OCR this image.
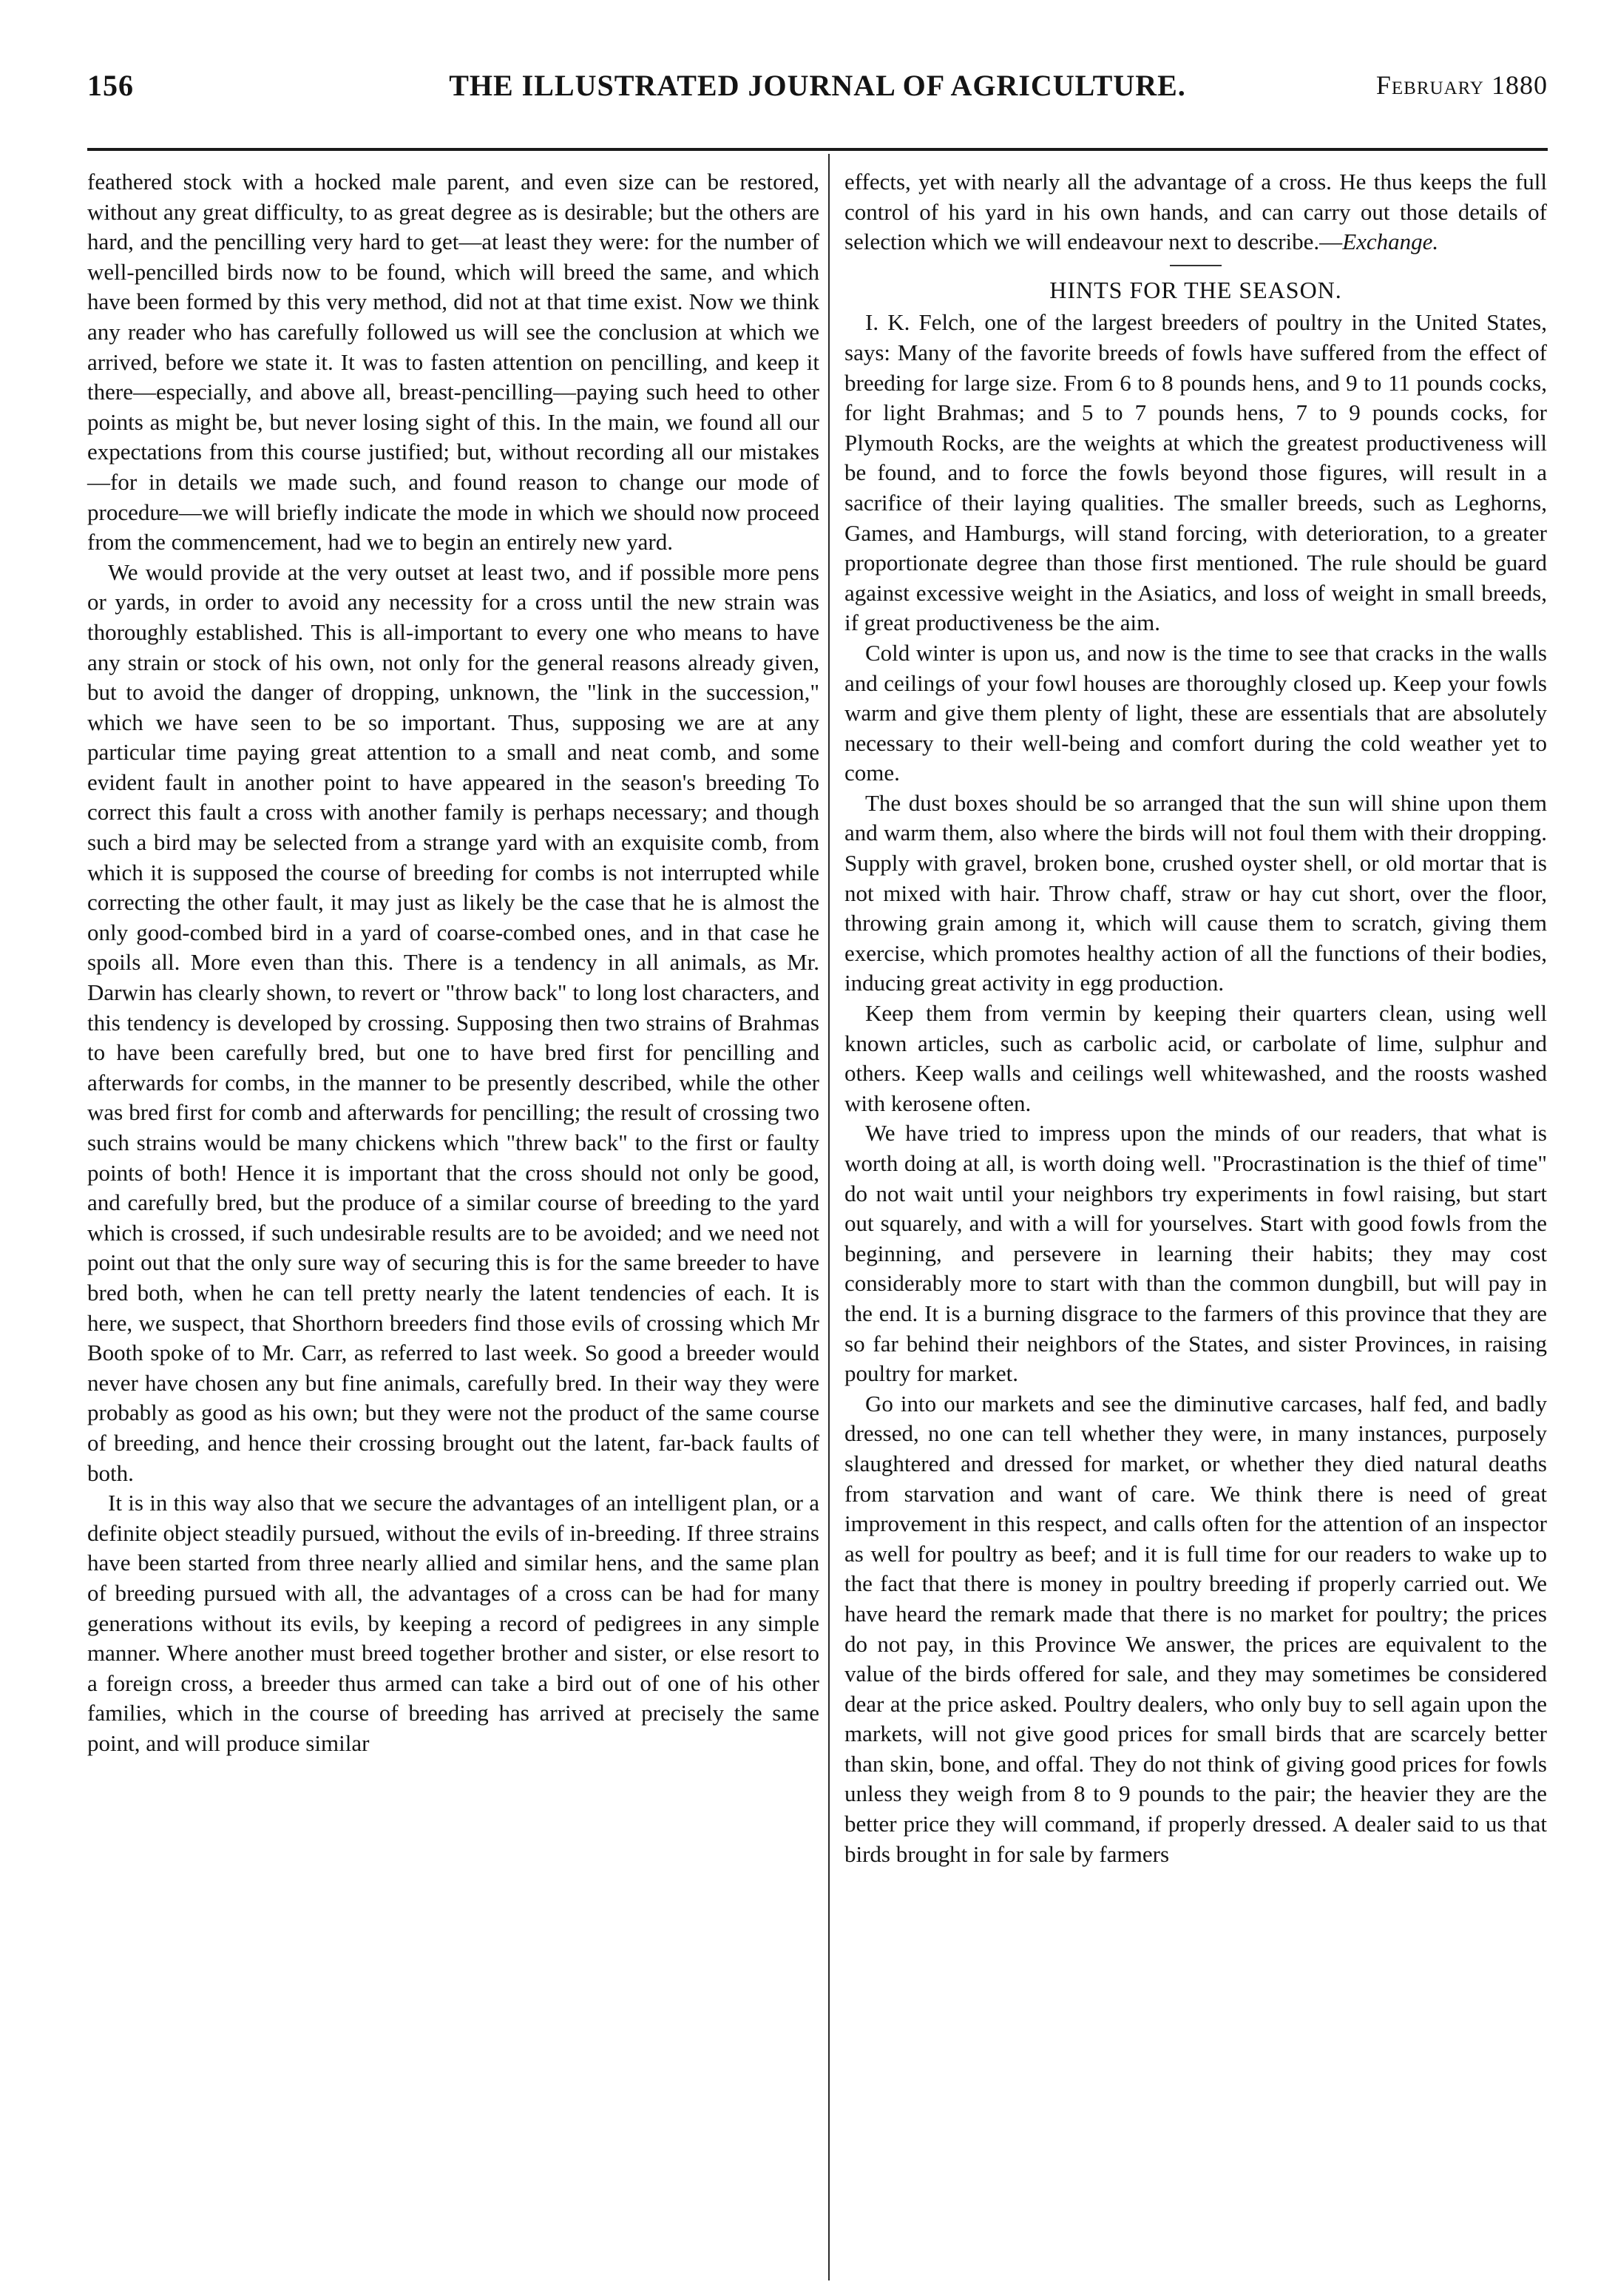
156	THE ILLUSTRATED JOURNAL OF AGRICULTURE.	February 1880

feathered stock with a hocked male parent, and even size can be restored, without any great difficulty, to as great degree as is desirable; but the others are hard, and the pencilling very hard to get—at least they were: for the number of well-pencilled birds now to be found, which will breed the same, and which have been formed by this very method, did not at that time exist. Now we think any reader who has carefully followed us will see the conclusion at which we arrived, before we state it. It was to fasten attention on pencilling, and keep it there—especially, and above all, breast-pencilling—paying such heed to other points as might be, but never losing sight of this. In the main, we found all our expectations from this course justified; but, without recording all our mistakes—for in details we made such, and found reason to change our mode of procedure—we will briefly indicate the mode in which we should now proceed from the commencement, had we to begin an entirely new yard.

We would provide at the very outset at least two, and if possible more pens or yards, in order to avoid any necessity for a cross until the new strain was thoroughly established. This is all-important to every one who means to have any strain or stock of his own, not only for the general reasons already given, but to avoid the danger of dropping, unknown, the "link in the succession," which we have seen to be so important. Thus, supposing we are at any particular time paying great attention to a small and neat comb, and some evident fault in another point to have appeared in the season's breeding To correct this fault a cross with another family is perhaps necessary; and though such a bird may be selected from a strange yard with an exquisite comb, from which it is supposed the course of breeding for combs is not interrupted while correcting the other fault, it may just as likely be the case that he is almost the only good-combed bird in a yard of coarse-combed ones, and in that case he spoils all. More even than this. There is a tendency in all animals, as Mr. Darwin has clearly shown, to revert or "throw back" to long lost characters, and this tendency is developed by crossing. Supposing then two strains of Brahmas to have been carefully bred, but one to have bred first for pencilling and afterwards for combs, in the manner to be presently described, while the other was bred first for comb and afterwards for pencilling; the result of crossing two such strains would be many chickens which "threw back" to the first or faulty points of both! Hence it is important that the cross should not only be good, and carefully bred, but the produce of a similar course of breeding to the yard which is crossed, if such undesirable results are to be avoided; and we need not point out that the only sure way of securing this is for the same breeder to have bred both, when he can tell pretty nearly the latent tendencies of each. It is here, we suspect, that Shorthorn breeders find those evils of crossing which Mr Booth spoke of to Mr. Carr, as referred to last week. So good a breeder would never have chosen any but fine animals, carefully bred. In their way they were probably as good as his own; but they were not the product of the same course of breeding, and hence their crossing brought out the latent, far-back faults of both.

It is in this way also that we secure the advantages of an intelligent plan, or a definite object steadily pursued, without the evils of in-breeding. If three strains have been started from three nearly allied and similar hens, and the same plan of breeding pursued with all, the advantages of a cross can be had for many generations without its evils, by keeping a record of pedigrees in any simple manner. Where another must breed together brother and sister, or else resort to a foreign cross, a breeder thus armed can take a bird out of one of his other families, which in the course of breeding has arrived at precisely the same point, and will produce similar

effects, yet with nearly all the advantage of a cross. He thus keeps the full control of his yard in his own hands, and can carry out those details of selection which we will endeavour next to describe.—Exchange.

HINTS FOR THE SEASON.

I. K. Felch, one of the largest breeders of poultry in the United States, says: Many of the favorite breeds of fowls have suffered from the effect of breeding for large size. From 6 to 8 pounds hens, and 9 to 11 pounds cocks, for light Brahmas; and 5 to 7 pounds hens, 7 to 9 pounds cocks, for Plymouth Rocks, are the weights at which the greatest productiveness will be found, and to force the fowls beyond those figures, will result in a sacrifice of their laying qualities. The smaller breeds, such as Leghorns, Games, and Hamburgs, will stand forcing, with deterioration, to a greater proportionate degree than those first mentioned. The rule should be guard against excessive weight in the Asiatics, and loss of weight in small breeds, if great productiveness be the aim.

Cold winter is upon us, and now is the time to see that cracks in the walls and ceilings of your fowl houses are thoroughly closed up. Keep your fowls warm and give them plenty of light, these are essentials that are absolutely necessary to their well-being and comfort during the cold weather yet to come.

The dust boxes should be so arranged that the sun will shine upon them and warm them, also where the birds will not foul them with their dropping. Supply with gravel, broken bone, crushed oyster shell, or old mortar that is not mixed with hair. Throw chaff, straw or hay cut short, over the floor, throwing grain among it, which will cause them to scratch, giving them exercise, which promotes healthy action of all the functions of their bodies, inducing great activity in egg production.

Keep them from vermin by keeping their quarters clean, using well known articles, such as carbolic acid, or carbolate of lime, sulphur and others. Keep walls and ceilings well whitewashed, and the roosts washed with kerosene often.

We have tried to impress upon the minds of our readers, that what is worth doing at all, is worth doing well. "Procrastination is the thief of time" do not wait until your neighbors try experiments in fowl raising, but start out squarely, and with a will for yourselves. Start with good fowls from the beginning, and persevere in learning their habits; they may cost considerably more to start with than the common dungbill, but will pay in the end. It is a burning disgrace to the farmers of this province that they are so far behind their neighbors of the States, and sister Provinces, in raising poultry for market.

Go into our markets and see the diminutive carcases, half fed, and badly dressed, no one can tell whether they were, in many instances, purposely slaughtered and dressed for market, or whether they died natural deaths from starvation and want of care. We think there is need of great improvement in this respect, and calls often for the attention of an inspector as well for poultry as beef; and it is full time for our readers to wake up to the fact that there is money in poultry breeding if properly carried out. We have heard the remark made that there is no market for poultry; the prices do not pay, in this Province We answer, the prices are equivalent to the value of the birds offered for sale, and they may sometimes be considered dear at the price asked. Poultry dealers, who only buy to sell again upon the markets, will not give good prices for small birds that are scarcely better than skin, bone, and offal. They do not think of giving good prices for fowls unless they weigh from 8 to 9 pounds to the pair; the heavier they are the better price they will command, if properly dressed. A dealer said to us that birds brought in for sale by farmers
